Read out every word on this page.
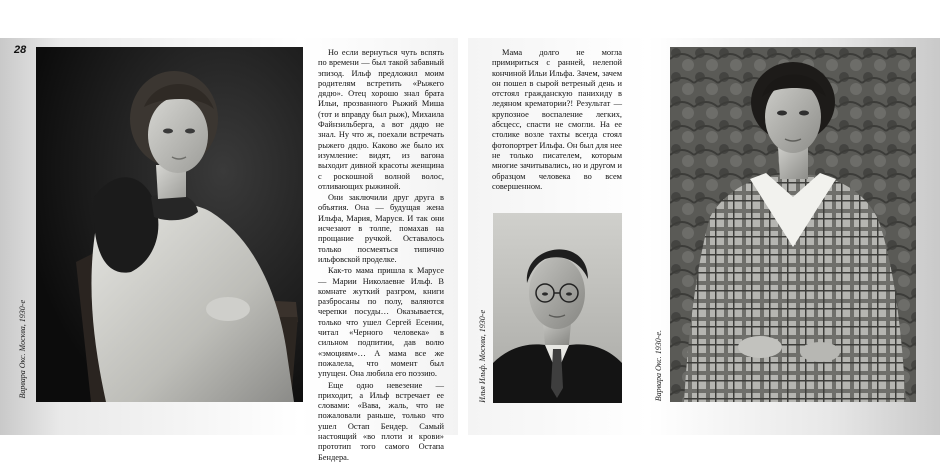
28
Варвара Окс. Москва, 1930-е

Но если вернуться чуть вспять по времени — был такой забавный эпизод. Ильф предложил моим родителям встретить «Рыжего дядю». Отец хорошо знал брата Ильи, прозванного Рыжий Миша (тот и вправду был рыж), Михаила Файнзильберга, а вот дядю не знал. Ну что ж, поехали встречать рыжего дядю. Каково же было их изумление: видят, из вагона выходит дивной красоты женщина с роскошной волной волос, отливающих рыжиной.

Они заключили друг друга в объятия. Она — будущая жена Ильфа, Мария, Маруся. И так они исчезают в толпе, помахав на прощание ручкой. Оставалось только посмеяться типично ильфовской проделке.

Как-то мама пришла к Марусе — Марии Николаевне Ильф. В комнате жуткий разгром, книги разбросаны по полу, валяются черепки посуды… Оказывается, только что ушел Сергей Есенин, читал «Черного человека» в сильном подпитии, дав волю «эмоциям»… А мама все же пожалела, что момент был упущен. Она любила его поэзию.

Еще одно невезение — приходит, а Ильф встречает ее словами: «Вава, жаль, что не пожаловали раньше, только что ушел Остап Бендер. Самый настоящий «во плоти и крови» прототип того самого Остапа Бендера.

Мама долго не могла примириться с ранней, нелепой кончиной Ильи Ильфа. Зачем, зачем он пошел в сырой ветреный день и отстоял гражданскую панихиду в ледяном крематории?! Результат — крупозное воспаление легких, абсцесс, спасти не смогли. На ее столике возле тахты всегда стоял фотопортрет Ильфа. Он был для нее не только писателем, которым многие зачитывались, но и другом и образцом человека во всем совершенном.

Илья Ильф. Москва, 1930-е	Варвара Окс. 1930-е.
